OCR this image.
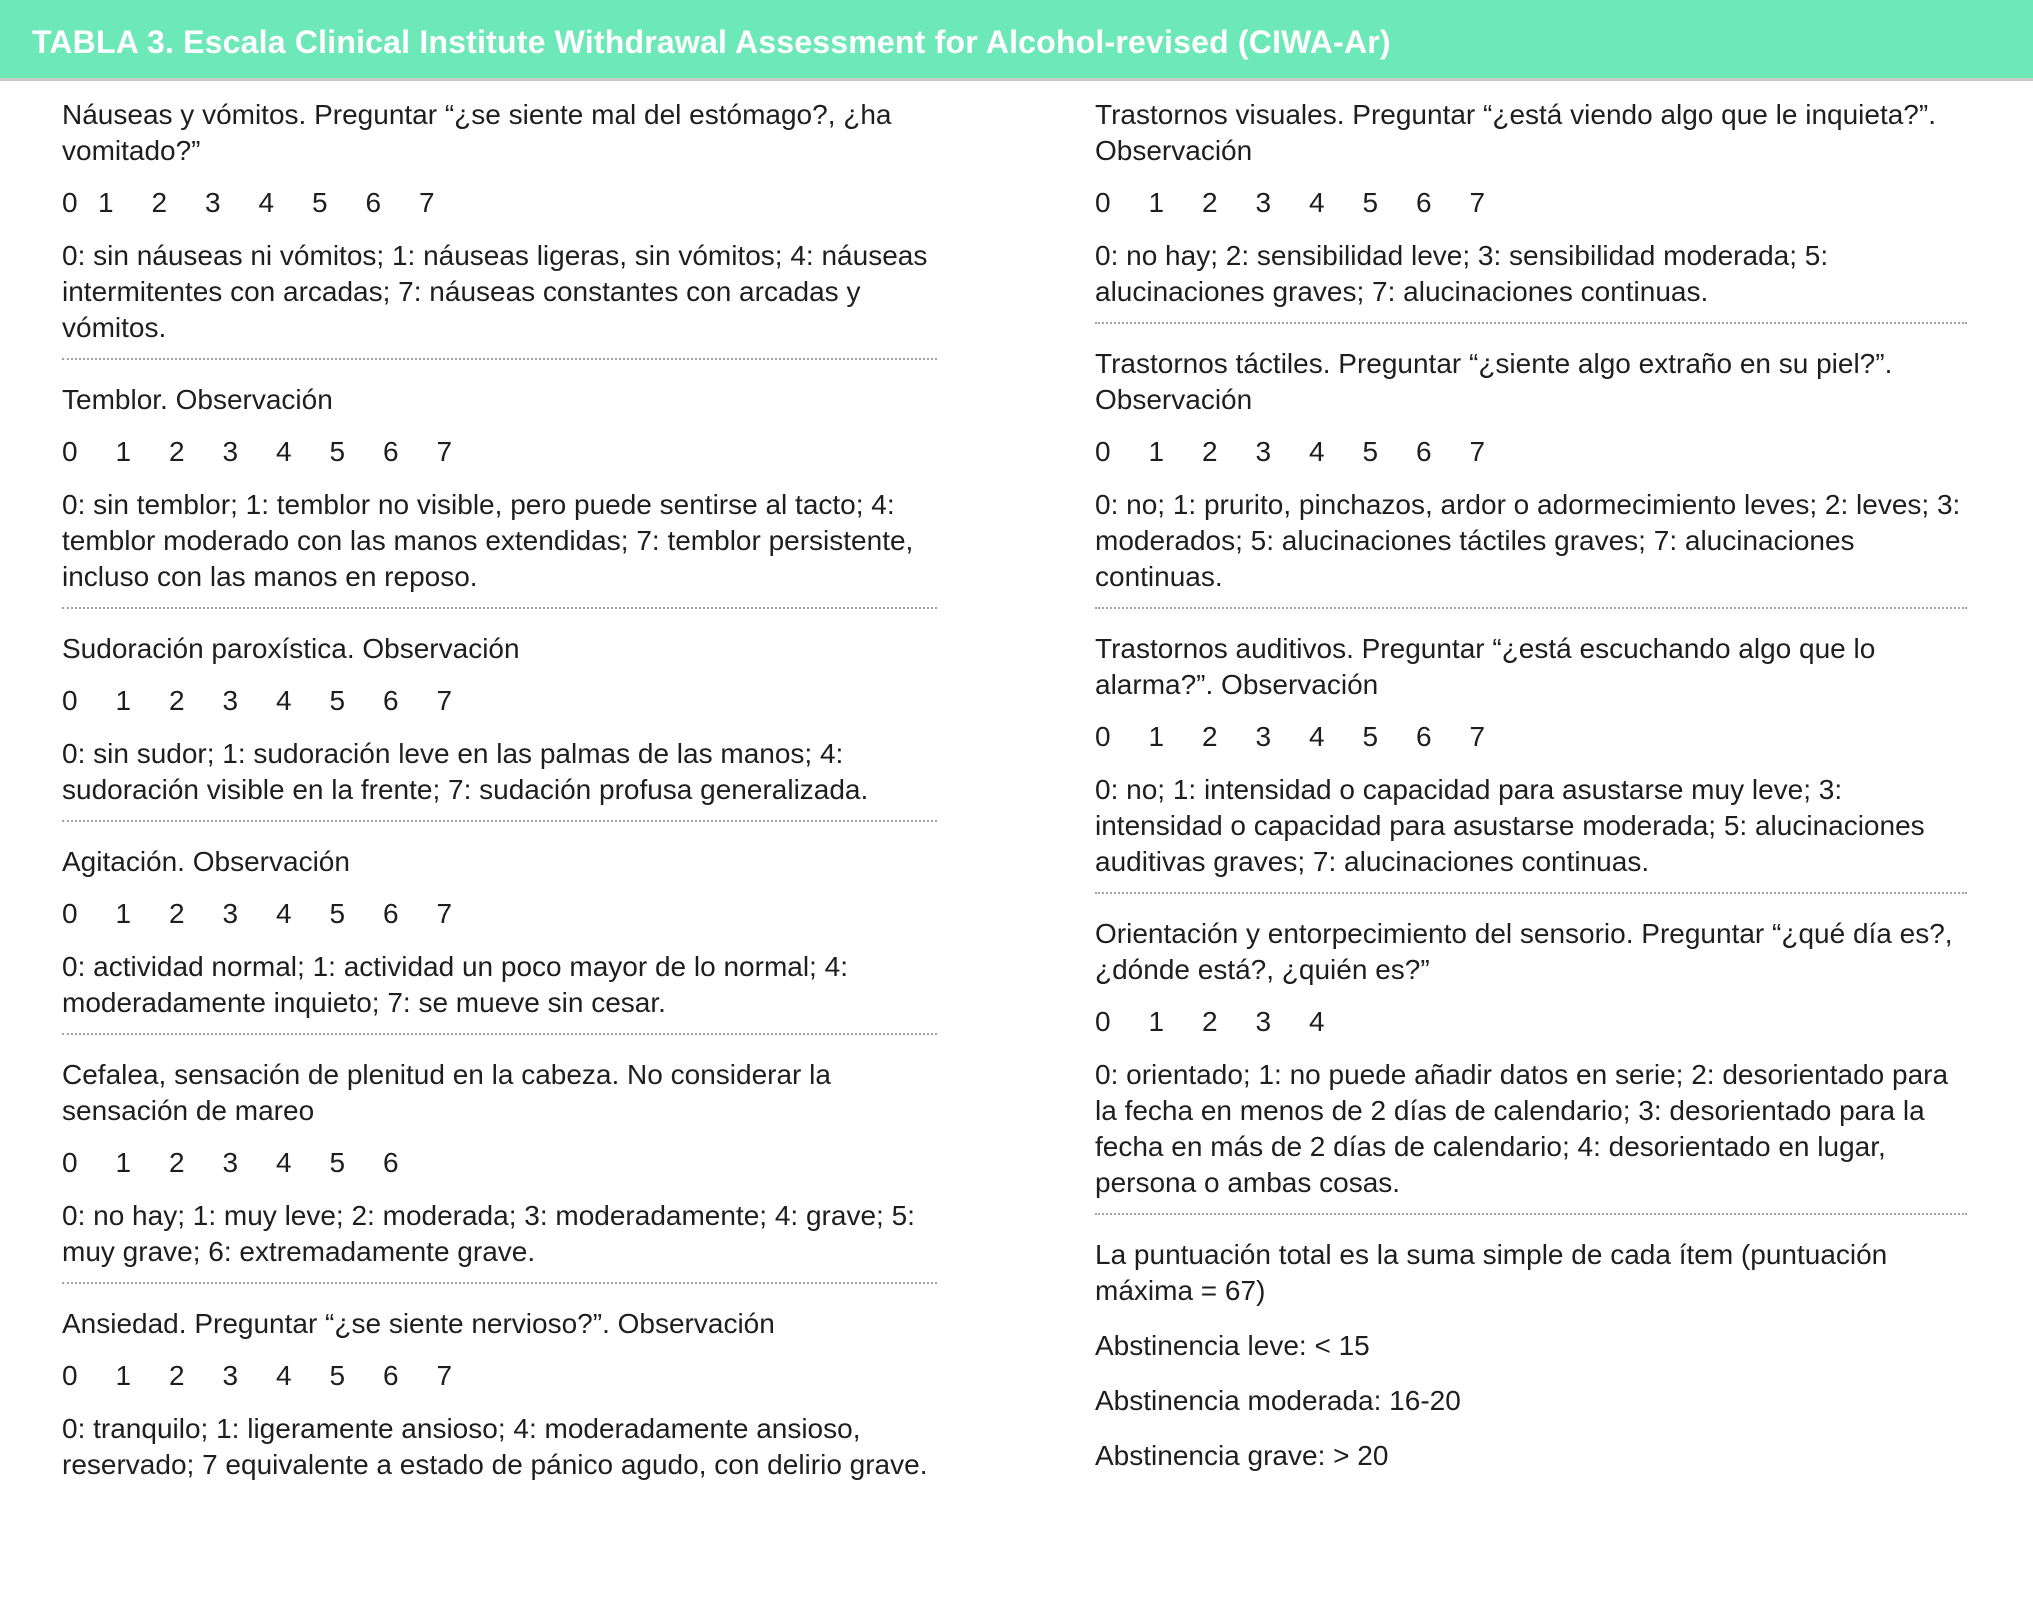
TABLA 3. Escala Clinical Institute Withdrawal Assessment for Alcohol-revised (CIWA-Ar)

Náuseas y vómitos. Preguntar “¿se siente mal del estómago?, ¿ha vomitado?”

0 1	2	3	4	5	6	7

0: sin náuseas ni vómitos; 1: náuseas ligeras, sin vómitos; 4: náuseas intermitentes con arcadas; 7: náuseas constantes con arcadas y vómitos.

Temblor. Observación

0	1	2	3	4	5	6	7

0: sin temblor; 1: temblor no visible, pero puede sentirse al tacto; 4: temblor moderado con las manos extendidas; 7: temblor persistente, incluso con las manos en reposo.

Sudoración paroxística. Observación

0	1	2	3	4	5	6	7

0: sin sudor; 1: sudoración leve en las palmas de las manos; 4: sudoración visible en la frente; 7: sudación profusa generalizada.

Agitación. Observación

0	1	2	3	4	5	6	7

0: actividad normal; 1: actividad un poco mayor de lo normal; 4: moderadamente inquieto; 7: se mueve sin cesar.

Cefalea, sensación de plenitud en la cabeza. No considerar la sensación de mareo

0	1	2	3	4	5	6

0: no hay; 1: muy leve; 2: moderada; 3: moderadamente; 4: grave; 5: muy grave; 6: extremadamente grave.

Ansiedad. Preguntar “¿se siente nervioso?”. Observación

0	1	2	3	4	5	6	7

0: tranquilo; 1: ligeramente ansioso; 4: moderadamente ansioso, reservado; 7 equivalente a estado de pánico agudo, con delirio grave.

Trastornos visuales. Preguntar “¿está viendo algo que le inquieta?”. Observación

0	1	2	3	4	5	6	7

0: no hay; 2: sensibilidad leve; 3: sensibilidad moderada; 5: alucinaciones graves; 7: alucinaciones continuas.

Trastornos táctiles. Preguntar “¿siente algo extraño en su piel?”. Observación

0	1	2	3	4	5	6	7

0: no; 1: prurito, pinchazos, ardor o adormecimiento leves; 2: leves; 3: moderados; 5: alucinaciones táctiles graves; 7: alucinaciones continuas.

Trastornos auditivos. Preguntar “¿está escuchando algo que lo alarma?”. Observación

0	1	2	3	4	5	6	7

0: no; 1: intensidad o capacidad para asustarse muy leve; 3: intensidad o capacidad para asustarse moderada; 5: alucinaciones auditivas graves; 7: alucinaciones continuas.

Orientación y entorpecimiento del sensorio. Preguntar “¿qué día es?, ¿dónde está?, ¿quién es?”

0	1	2	3	4

0: orientado; 1: no puede añadir datos en serie; 2: desorientado para la fecha en menos de 2 días de calendario; 3: desorientado para la fecha en más de 2 días de calendario; 4: desorientado en lugar, persona o ambas cosas.

La puntuación total es la suma simple de cada ítem (puntuación máxima = 67)

Abstinencia leve: < 15

Abstinencia moderada: 16-20

Abstinencia grave: > 20
